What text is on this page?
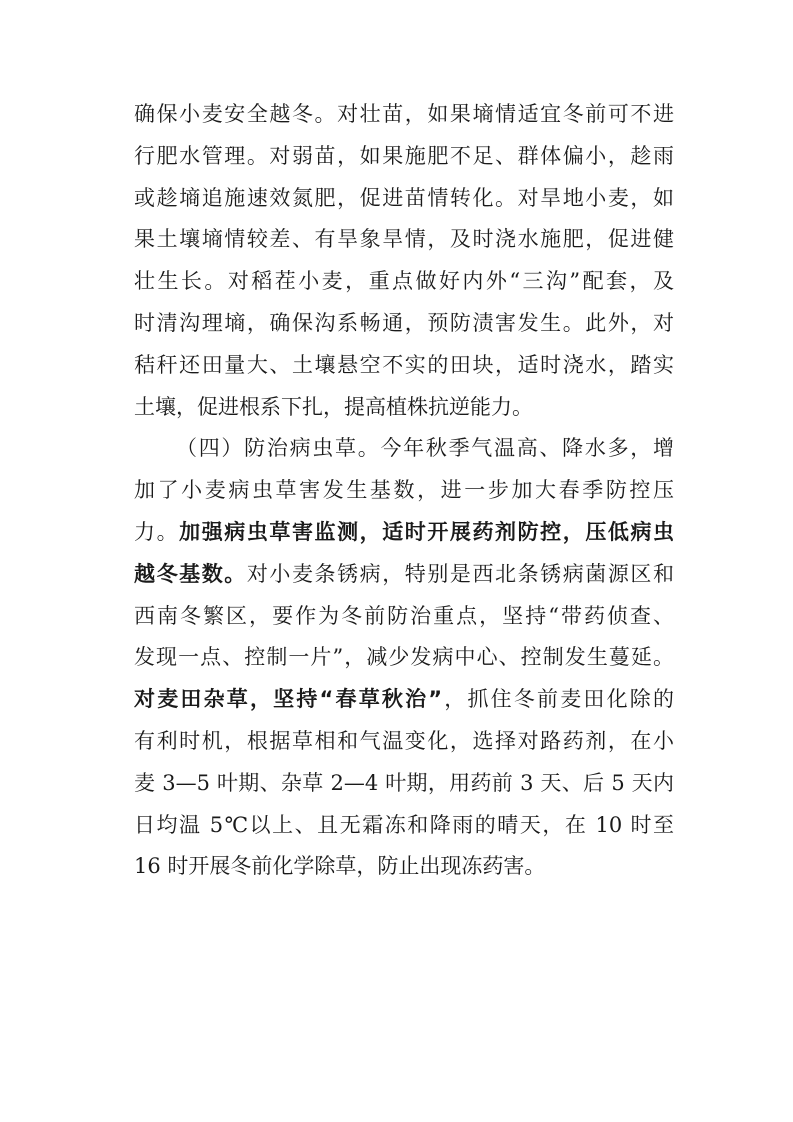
确保小麦安全越冬。对壮苗，如果墒情适宜冬前可不进
行肥水管理。对弱苗，如果施肥不足、群体偏小，趁雨
或趁墒追施速效氮肥，促进苗情转化。对旱地小麦，如
果土壤墒情较差、有旱象旱情，及时浇水施肥，促进健
壮生长。对稻茬小麦，重点做好内外“三沟”配套，及
时清沟理墒，确保沟系畅通，预防渍害发生。此外，对
秸秆还田量大、土壤悬空不实的田块，适时浇水，踏实
土壤，促进根系下扎，提高植株抗逆能力。
（四）防治病虫草。今年秋季气温高、降水多，增
加了小麦病虫草害发生基数，进一步加大春季防控压
力。加强病虫草害监测，适时开展药剂防控，压低病虫
越冬基数。对小麦条锈病，特别是西北条锈病菌源区和
西南冬繁区，要作为冬前防治重点，坚持“带药侦查、
发现一点、控制一片”，减少发病中心、控制发生蔓延。
对麦田杂草，坚持“春草秋治”，抓住冬前麦田化除的
有利时机，根据草相和气温变化，选择对路药剂，在小
麦 3—5 叶期、杂草 2—4 叶期，用药前 3 天、后 5 天内
日均温 5℃以上、且无霜冻和降雨的晴天，在 10 时至
16 时开展冬前化学除草，防止出现冻药害。
